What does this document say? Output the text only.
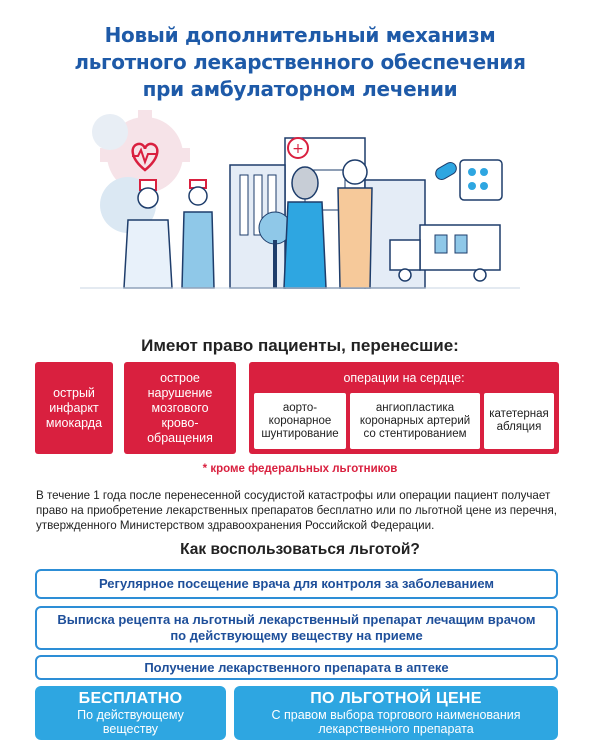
Новый дополнительный механизм
льготного лекарственного обеспечения
при амбулаторном лечении
+
Имеют право пациенты, перенесшие:
острый
инфаркт
миокарда
острое
нарушение
мозгового
крово-
обращения
операции на сердце:
аорто-
коронарное
шунтирование
ангиопластика
коронарных артерий
со стентированием
катетерная
абляция
* кроме федеральных льготников
В течение 1 года после перенесенной сосудистой катастрофы или операции пациент получает право на приобретение лекарственных препаратов бесплатно или по льготной цене из перечня, утвержденного Министерством здравоохранения Российской Федерации.
Как воспользоваться льготой?
Регулярное посещение врача для контроля за заболеванием
Выписка рецепта на льготный лекарственный препарат лечащим врачом
по действующему веществу на приеме
Получение лекарственного препарата в аптеке
БЕСПЛАТНО
По действующему
веществу
ПО ЛЬГОТНОЙ ЦЕНЕ
С правом выбора торгового наименования
лекарственного препарата
